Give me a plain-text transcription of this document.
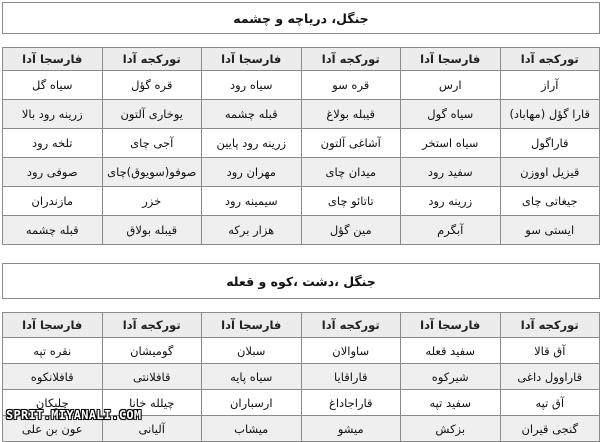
جنگل، دریاچه و چشمه					

تورکجه آدا	فارسجا آدا	تورکجه آدا	فارسجا آدا	تورکجه آدا	فارسجا آدا
آراز	ارس	قره سو	سیاه رود	قره گؤل	سیاه گل
قارا گؤل (مهاباد)	سیاه گول	قیبله بولاغ	قبله چشمه	یوخاری آلتون	زرینه رود بالا
قاراگول	سیاه استخر	آشاغی آلتون	زرینه رود پایین	آجی چای	تلخه رود
قیزیل اووزن	سفید رود	میدان چای	مهران رود	صوفو(سویوق)چای	صوفی رود
جیغاتی چای	زرینه رود	تاتائو چای	سیمینه رود	خزر	مازندران
ایستی سو	آبگرم	مین گؤل	هزار برکه	قیبله بولاق	قبله چشمه
جنگل ،دشت ،کوه و قعله					

تورکجه آدا	فارسجا آدا	تورکجه آدا	فارسجا آدا	تورکجه آدا	فارسجا آدا
آق قالا	سفید قعله	ساوالان	سبلان	گومیشان	نقره تپه
قاراوول داغی	شیرکوه	قاراقایا	سیاه پایه	قافلانتی	قافلانکوه
آق تپه	سفید تپه	قاراجاداغ	ارسباران	چیلله خانا	چلیکان
گنجی قیران	بزکش	میشو	میشاب	آلیانی	عون بن علی
SPRIT.MIYANALI.COM
